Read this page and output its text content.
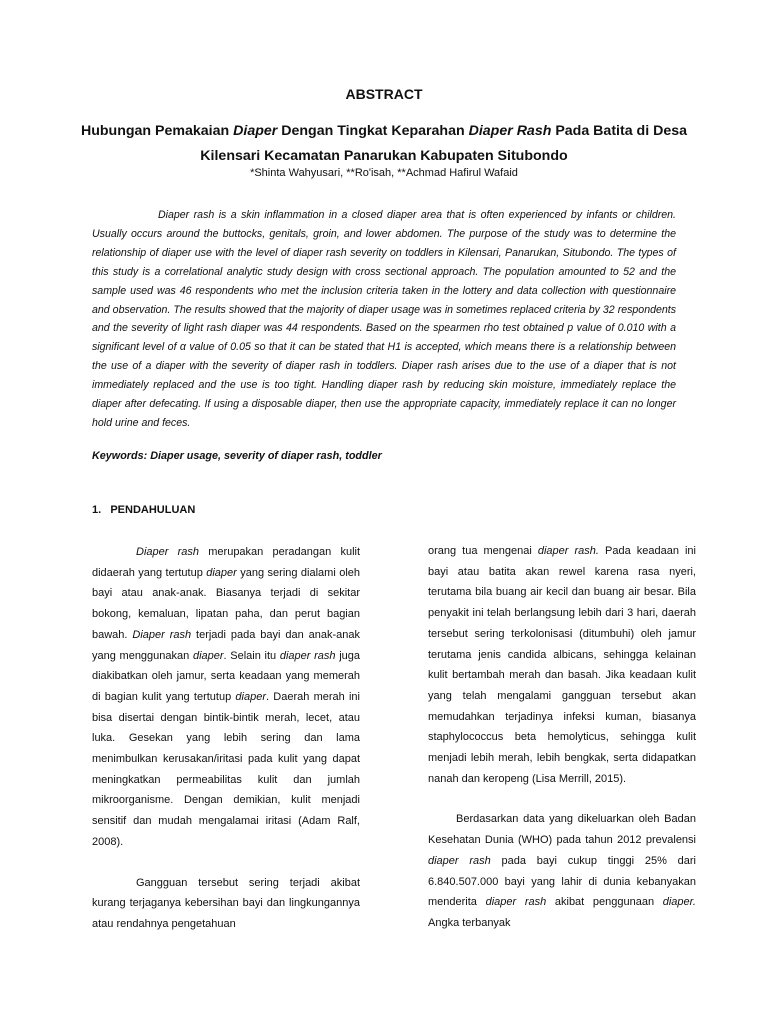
ABSTRACT
Hubungan Pemakaian Diaper Dengan Tingkat Keparahan Diaper Rash Pada Batita di Desa Kilensari Kecamatan Panarukan Kabupaten Situbondo
*Shinta Wahyusari, **Ro'isah, **Achmad Hafirul Wafaid

Diaper rash is a skin inflammation in a closed diaper area that is often experienced by infants or children. Usually occurs around the buttocks, genitals, groin, and lower abdomen. The purpose of the study was to determine the relationship of diaper use with the level of diaper rash severity on toddlers in Kilensari, Panarukan, Situbondo. The types of this study is a correlational analytic study design with cross sectional approach. The population amounted to 52 and the sample used was 46 respondents who met the inclusion criteria taken in the lottery and data collection with questionnaire and observation. The results showed that the majority of diaper usage was in sometimes replaced criteria by 32 respondents and the severity of light rash diaper was 44 respondents. Based on the spearmen rho test obtained p value of 0.010 with a significant level of α value of 0.05 so that it can be stated that H1 is accepted, which means there is a relationship between the use of a diaper with the severity of diaper rash in toddlers. Diaper rash arises due to the use of a diaper that is not immediately replaced and the use is too tight. Handling diaper rash by reducing skin moisture, immediately replace the diaper after defecating. If using a disposable diaper, then use the appropriate capacity, immediately replace it can no longer hold urine and feces.

Keywords: Diaper usage, severity of diaper rash, toddler
1.   PENDAHULUAN

Diaper rash merupakan peradangan kulit didaerah yang tertutup diaper yang sering dialami oleh bayi atau anak-anak. Biasanya terjadi di sekitar bokong, kemaluan, lipatan paha, dan perut bagian bawah. Diaper rash terjadi pada bayi dan anak-anak yang menggunakan diaper. Selain itu diaper rash juga diakibatkan oleh jamur, serta keadaan yang memerah di bagian kulit yang tertutup diaper. Daerah merah ini bisa disertai dengan bintik-bintik merah, lecet, atau luka. Gesekan yang lebih sering dan lama menimbulkan kerusakan/iritasi pada kulit yang dapat meningkatkan permeabilitas kulit dan jumlah mikroorganisme. Dengan demikian, kulit menjadi sensitif dan mudah mengalamai iritasi (Adam Ralf, 2008).

Gangguan tersebut sering terjadi akibat kurang terjaganya kebersihan bayi dan lingkungannya atau rendahnya pengetahuan

orang tua mengenai diaper rash. Pada keadaan ini bayi atau batita akan rewel karena rasa nyeri, terutama bila buang air kecil dan buang air besar. Bila penyakit ini telah berlangsung lebih dari 3 hari, daerah tersebut sering terkolonisasi (ditumbuhi) oleh jamur terutama jenis candida albicans, sehingga kelainan kulit bertambah merah dan basah. Jika keadaan kulit yang telah mengalami gangguan tersebut akan memudahkan terjadinya infeksi kuman, biasanya staphylococcus beta hemolyticus, sehingga kulit menjadi lebih merah, lebih bengkak, serta didapatkan nanah dan keropeng (Lisa Merrill, 2015).

Berdasarkan data yang dikeluarkan oleh Badan Kesehatan Dunia (WHO) pada tahun 2012 prevalensi diaper rash pada bayi cukup tinggi 25% dari 6.840.507.000 bayi yang lahir di dunia kebanyakan menderita diaper rash akibat penggunaan diaper. Angka terbanyak
